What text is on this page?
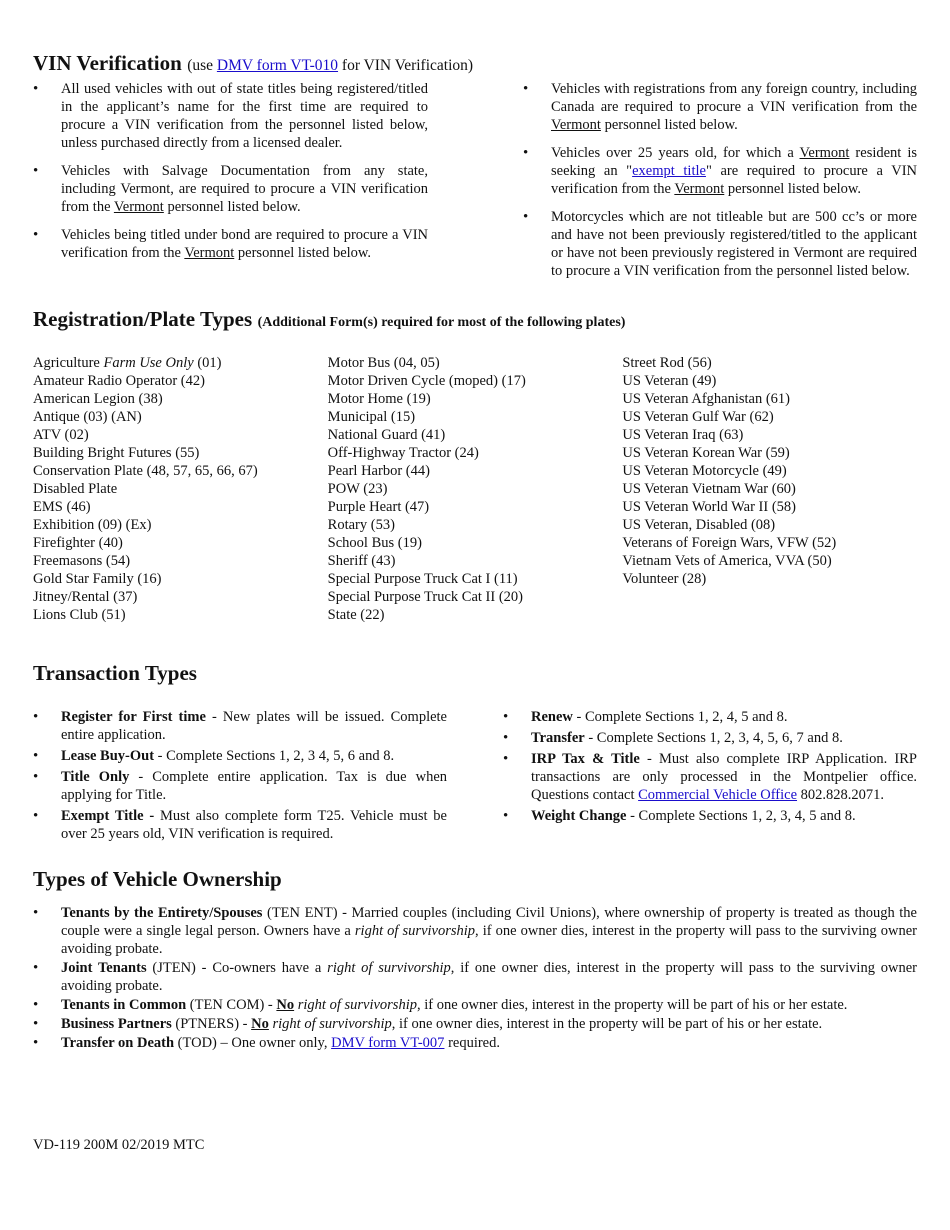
VIN Verification (use DMV form VT-010 for VIN Verification)
• All used vehicles with out of state titles being registered/titled in the applicant’s name for the first time are required to procure a VIN verification from the personnel listed below, unless purchased directly from a licensed dealer.
• Vehicles with Salvage Documentation from any state, including Vermont, are required to procure a VIN verification from the Vermont personnel listed below.
• Vehicles being titled under bond are required to procure a VIN verification from the Vermont personnel listed below.
• Vehicles with registrations from any foreign country, including Canada are required to procure a VIN verification from the Vermont personnel listed below.
• Vehicles over 25 years old, for which a Vermont resident is seeking an "exempt title" are required to procure a VIN verification from the Vermont personnel listed below.
• Motorcycles which are not titleable but are 500 cc’s or more and have not been previously registered/titled to the applicant or have not been previously registered in Vermont are required to procure a VIN verification from the personnel listed below.
Registration/Plate Types (Additional Form(s) required for most of the following plates)
Agriculture Farm Use Only (01)
Amateur Radio Operator (42)
American Legion (38)
Antique (03) (AN)
ATV (02)
Building Bright Futures (55)
Conservation Plate (48, 57, 65, 66, 67)
Disabled Plate
EMS (46)
Exhibition (09) (Ex)
Firefighter (40)
Freemasons (54)
Gold Star Family (16)
Jitney/Rental (37)
Lions Club (51)
Motor Bus (04, 05)
Motor Driven Cycle (moped) (17)
Motor Home (19)
Municipal (15)
National Guard (41)
Off-Highway Tractor (24)
Pearl Harbor (44)
POW (23)
Purple Heart (47)
Rotary (53)
School Bus (19)
Sheriff (43)
Special Purpose Truck Cat I (11)
Special Purpose Truck Cat II (20)
State (22)
Street Rod (56)
US Veteran (49)
US Veteran Afghanistan (61)
US Veteran Gulf War (62)
US Veteran Iraq (63)
US Veteran Korean War (59)
US Veteran Motorcycle (49)
US Veteran Vietnam War (60)
US Veteran World War II (58)
US Veteran, Disabled (08)
Veterans of Foreign Wars, VFW (52)
Vietnam Vets of America, VVA (50)
Volunteer (28)
Transaction Types
• Register for First time - New plates will be issued. Complete entire application.
• Lease Buy-Out - Complete Sections 1, 2, 3 4, 5, 6 and 8.
• Title Only - Complete entire application. Tax is due when applying for Title.
• Exempt Title - Must also complete form T25. Vehicle must be over 25 years old, VIN verification is required.
• Renew - Complete Sections 1, 2, 4, 5 and 8.
• Transfer - Complete Sections 1, 2, 3, 4, 5, 6, 7 and 8.
• IRP Tax & Title - Must also complete IRP Application. IRP transactions are only processed in the Montpelier office. Questions contact Commercial Vehicle Office 802.828.2071.
• Weight Change - Complete Sections 1, 2, 3, 4, 5 and 8.
Types of Vehicle Ownership
• Tenants by the Entirety/Spouses (TEN ENT) - Married couples (including Civil Unions), where ownership of property is treated as though the couple were a single legal person. Owners have a right of survivorship, if one owner dies, interest in the property will pass to the surviving owner avoiding probate.
• Joint Tenants (JTEN) - Co-owners have a right of survivorship, if one owner dies, interest in the property will pass to the surviving owner avoiding probate.
• Tenants in Common (TEN COM) - No right of survivorship, if one owner dies, interest in the property will be part of his or her estate.
• Business Partners (PTNERS) - No right of survivorship, if one owner dies, interest in the property will be part of his or her estate.
• Transfer on Death (TOD) – One owner only, DMV form VT-007 required.
VD-119 200M 02/2019 MTC
